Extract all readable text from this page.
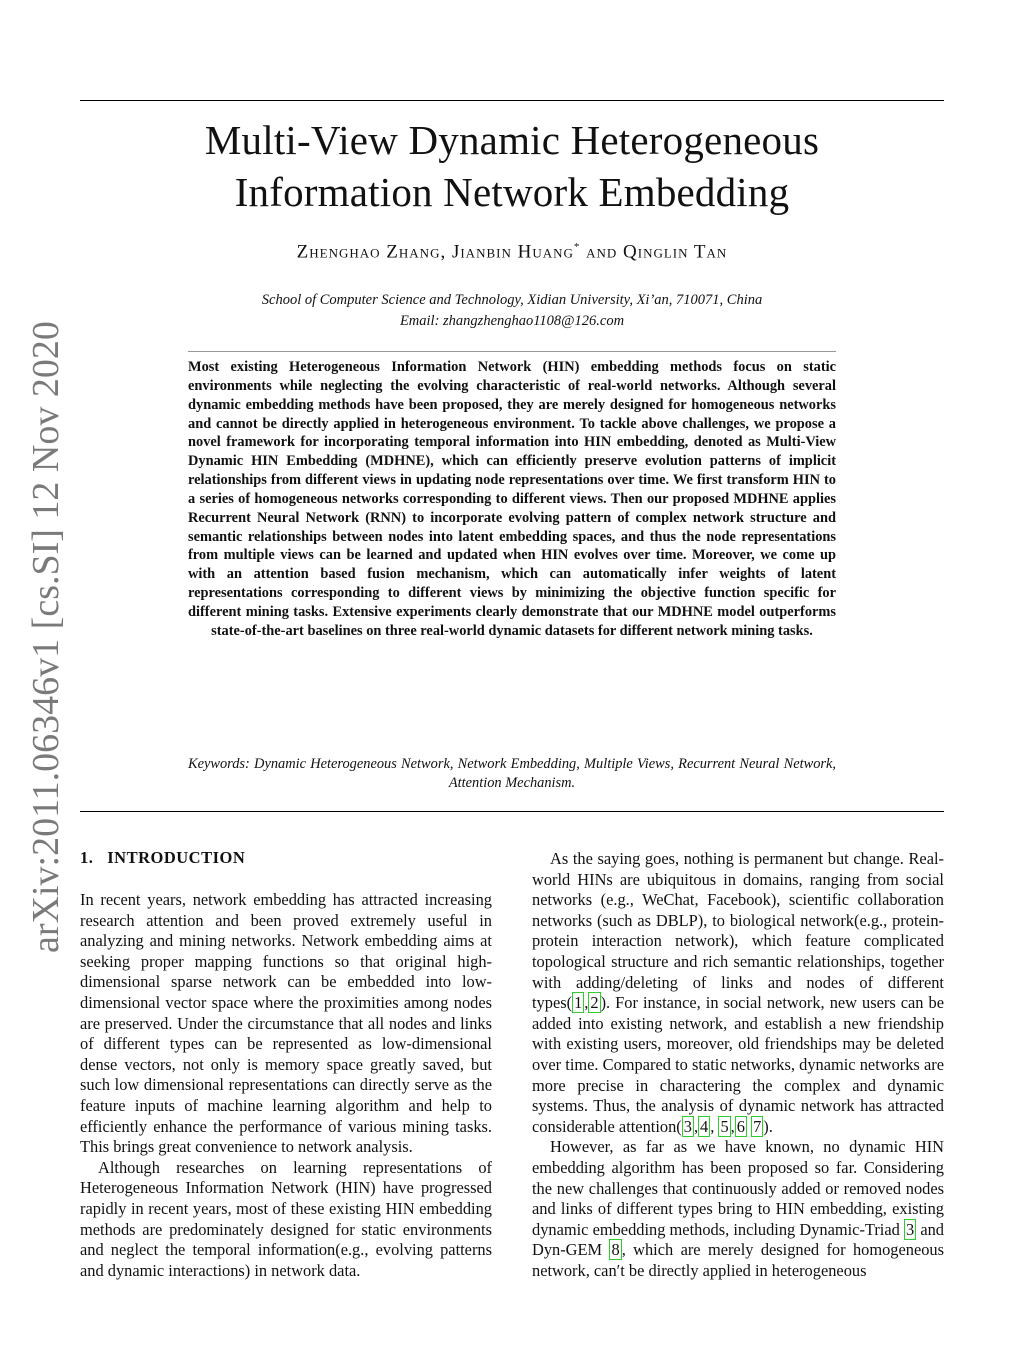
Multi-View Dynamic Heterogeneous
Information Network Embedding
Zhenghao Zhang, Jianbin Huang* and Qinglin Tan
School of Computer Science and Technology, Xidian University, Xi’an, 710071, China
Email: zhangzhenghao1108@126.com
Most existing Heterogeneous Information Network (HIN) embedding methods focus on static environments while neglecting the evolving characteristic of real-world networks. Although several dynamic embedding methods have been proposed, they are merely designed for homogeneous networks and cannot be directly applied in heterogeneous environment. To tackle above challenges, we propose a novel framework for incorporating temporal information into HIN embedding, denoted as Multi-View Dynamic HIN Embedding (MDHNE), which can efficiently preserve evolution patterns of implicit relationships from different views in updating node representations over time. We first transform HIN to a series of homogeneous networks corresponding to different views. Then our proposed MDHNE applies Recurrent Neural Network (RNN) to incorporate evolving pattern of complex network structure and semantic relationships between nodes into latent embedding spaces, and thus the node representations from multiple views can be learned and updated when HIN evolves over time. Moreover, we come up with an attention based fusion mechanism, which can automatically infer weights of latent representations corresponding to different views by minimizing the objective function specific for different mining tasks. Extensive experiments clearly demonstrate that our MDHNE model outperforms state-of-the-art baselines on three real-world dynamic datasets for different network mining tasks.
Keywords: Dynamic Heterogeneous Network, Network Embedding, Multiple Views, Recurrent Neural Network, Attention Mechanism.
arXiv:2011.06346v1 [cs.SI] 12 Nov 2020 1. INTRODUCTION

In recent years, network embedding has attracted increasing research attention and been proved extremely useful in analyzing and mining networks. Network embedding aims at seeking proper mapping functions so that original high-dimensional sparse network can be embedded into low-dimensional vector space where the proximities among nodes are preserved. Under the circumstance that all nodes and links of different types can be represented as low-dimensional dense vectors, not only is memory space greatly saved, but such low dimensional representations can directly serve as the feature inputs of machine learning algorithm and help to efficiently enhance the performance of various mining tasks. This brings great convenience to network analysis.

Although researches on learning representations of Heterogeneous Information Network (HIN) have progressed rapidly in recent years, most of these existing HIN embedding methods are predominately designed for static environments and neglect the temporal information(e.g., evolving patterns and dynamic interactions) in network data.

As the saying goes, nothing is permanent but change. Real-world HINs are ubiquitous in domains, ranging from social networks (e.g., WeChat, Facebook), scientific collaboration networks (such as DBLP), to biological network(e.g., protein-protein interaction network), which feature complicated topological structure and rich semantic relationships, together with adding/deleting of links and nodes of different types( 1 , 2 ). For instance, in social network, new users can be added into existing network, and establish a new friendship with existing users, moreover, old friendships may be deleted over time. Compared to static networks, dynamic networks are more precise in charactering the complex and dynamic systems. Thus, the analysis of dynamic network has attracted considerable attention( 3 , 4 , 5 , 6 7 ).

However, as far as we have known, no dynamic HIN embedding algorithm has been proposed so far. Considering the new challenges that continuously added or removed nodes and links of different types bring to HIN embedding, existing dynamic embedding methods, including Dynamic-Triad 3 and Dyn-GEM 8 , which are merely designed for homogeneous network, can′t be directly applied in heterogeneous
